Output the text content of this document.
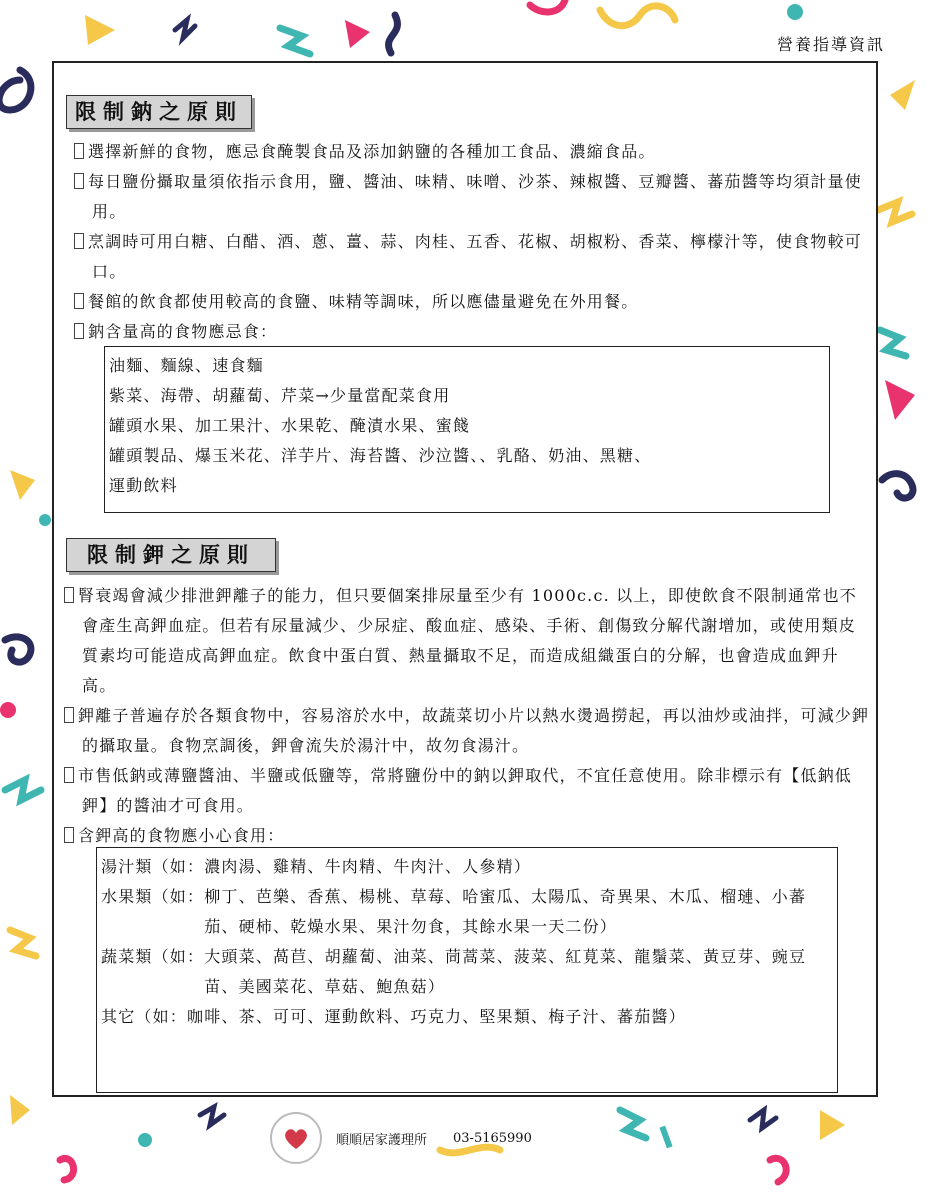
營養指導資訊
限制鈉之原則
選擇新鮮的食物，應忌食醃製食品及添加鈉鹽的各種加工食品、濃縮食品。
每日鹽份攝取量須依指示食用，鹽、醬油、味精、味噌、沙茶、辣椒醬、豆瓣醬、蕃茄醬等均須計量使用。
烹調時可用白糖、白醋、酒、蔥、薑、蒜、肉桂、五香、花椒、胡椒粉、香菜、檸檬汁等，使食物較可口。
餐館的飲食都使用較高的食鹽、味精等調味，所以應儘量避免在外用餐。
鈉含量高的食物應忌食：
油麵、麵線、速食麵
紫菜、海帶、胡蘿蔔、芹菜→少量當配菜食用
罐頭水果、加工果汁、水果乾、醃漬水果、蜜餞
罐頭製品、爆玉米花、洋芋片、海苔醬、沙泣醬、、乳酪、奶油、黑糖、
運動飲料
限制鉀之原則
腎衰竭會減少排泄鉀離子的能力，但只要個案排尿量至少有 1000c.c. 以上，即使飲食不限制通常也不會產生高鉀血症。但若有尿量減少、少尿症、酸血症、感染、手術、創傷致分解代謝增加，或使用類皮質素均可能造成高鉀血症。飲食中蛋白質、熱量攝取不足，而造成組織蛋白的分解，也會造成血鉀升高。
鉀離子普遍存於各類食物中，容易溶於水中，故蔬菜切小片以熱水燙過撈起，再以油炒或油拌，可減少鉀的攝取量。食物烹調後，鉀會流失於湯汁中，故勿食湯汁。
市售低鈉或薄鹽醬油、半鹽或低鹽等，常將鹽份中的鈉以鉀取代，不宜任意使用。除非標示有【低鈉低鉀】的醬油才可食用。
含鉀高的食物應小心食用：
湯汁類（如： 濃肉湯、雞精、牛肉精、牛肉汁、人參精）
水果類（如： 柳丁、芭樂、香蕉、楊桃、草莓、哈蜜瓜、太陽瓜、奇異果、木瓜、榴璉、小蕃茄、硬柿、乾燥水果、果汁勿食，其餘水果一天二份）
蔬菜類（如： 大頭菜、萵苣、胡蘿蔔、油菜、茼蒿菜、菠菜、紅莧菜、龍鬚菜、黃豆芽、豌豆苗、美國菜花、草菇、鮑魚菇）
其它（如： 咖啡、茶、可可、運動飲料、巧克力、堅果類、梅子汁、蕃茄醬）
順順居家護理所 03-5165990
